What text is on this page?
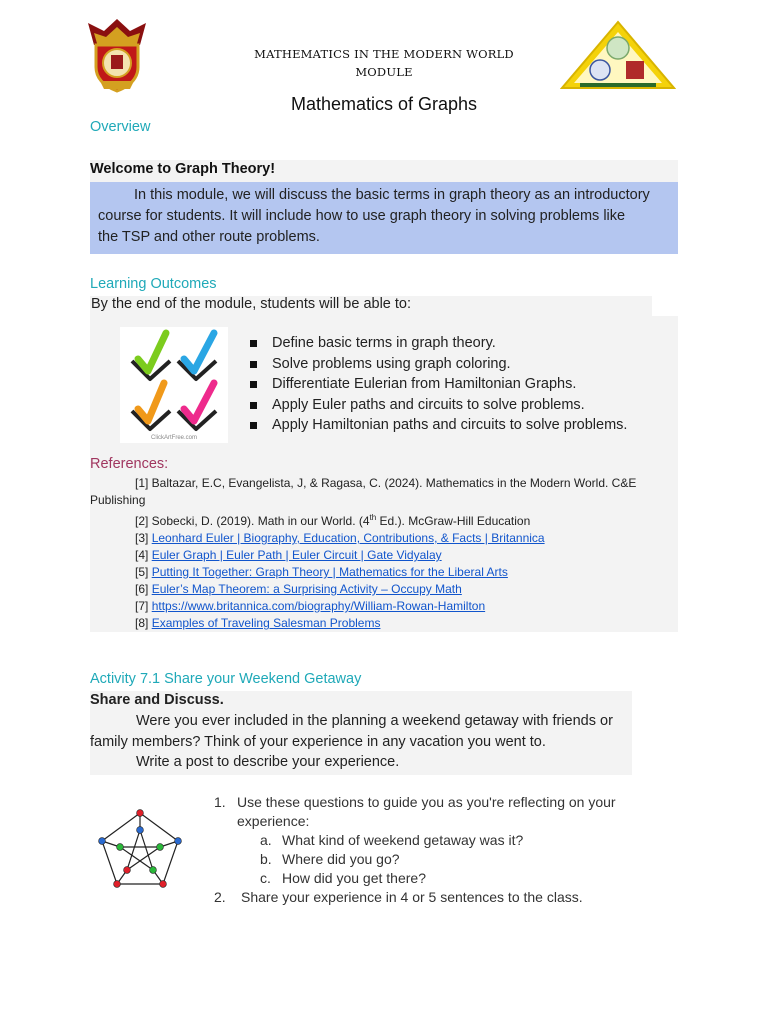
MATHEMATICS IN THE MODERN WORLD
MODULE
Mathematics of Graphs
Overview
Welcome to Graph Theory!

In this module, we will discuss the basic terms in graph theory as an introductory

course for students. It will include how to use graph theory in solving problems like

the TSP and other route problems.

Learning Outcomes
By the end of the module, students will be able to:
ClickArtFree.com
Define basic terms in graph theory.
Solve problems using graph coloring.
Differentiate Eulerian from Hamiltonian Graphs.
Apply Euler paths and circuits to solve problems.
Apply Hamiltonian paths and circuits to solve problems.
References:
[1] Baltazar, E.C, Evangelista, J, & Ragasa, C. (2024). Mathematics in the Modern World. C&E
Publishing
[2] Sobecki, D. (2019). Math in our World. (4th Ed.). McGraw-Hill Education
[3] Leonhard Euler | Biography, Education, Contributions, & Facts | Britannica
[4] Euler Graph | Euler Path | Euler Circuit | Gate Vidyalay
[5] Putting It Together: Graph Theory | Mathematics for the Liberal Arts
[6] Euler’s Map Theorem: a Surprising Activity – Occupy Math
[7] https://www.britannica.com/biography/William-Rowan-Hamilton
[8] Examples of Traveling Salesman Problems
Activity 7.1 Share your Weekend Getaway
Share and Discuss.
Were you ever included in the planning a weekend getaway with friends or
family members? Think of your experience in any vacation you went to.
Write a post to describe your experience.
1. Use these questions to guide you as you're reflecting on your
experience:
a. What kind of weekend getaway was it?
b. Where did you go?
c. How did you get there?
2. Share your experience in 4 or 5 sentences to the class.
